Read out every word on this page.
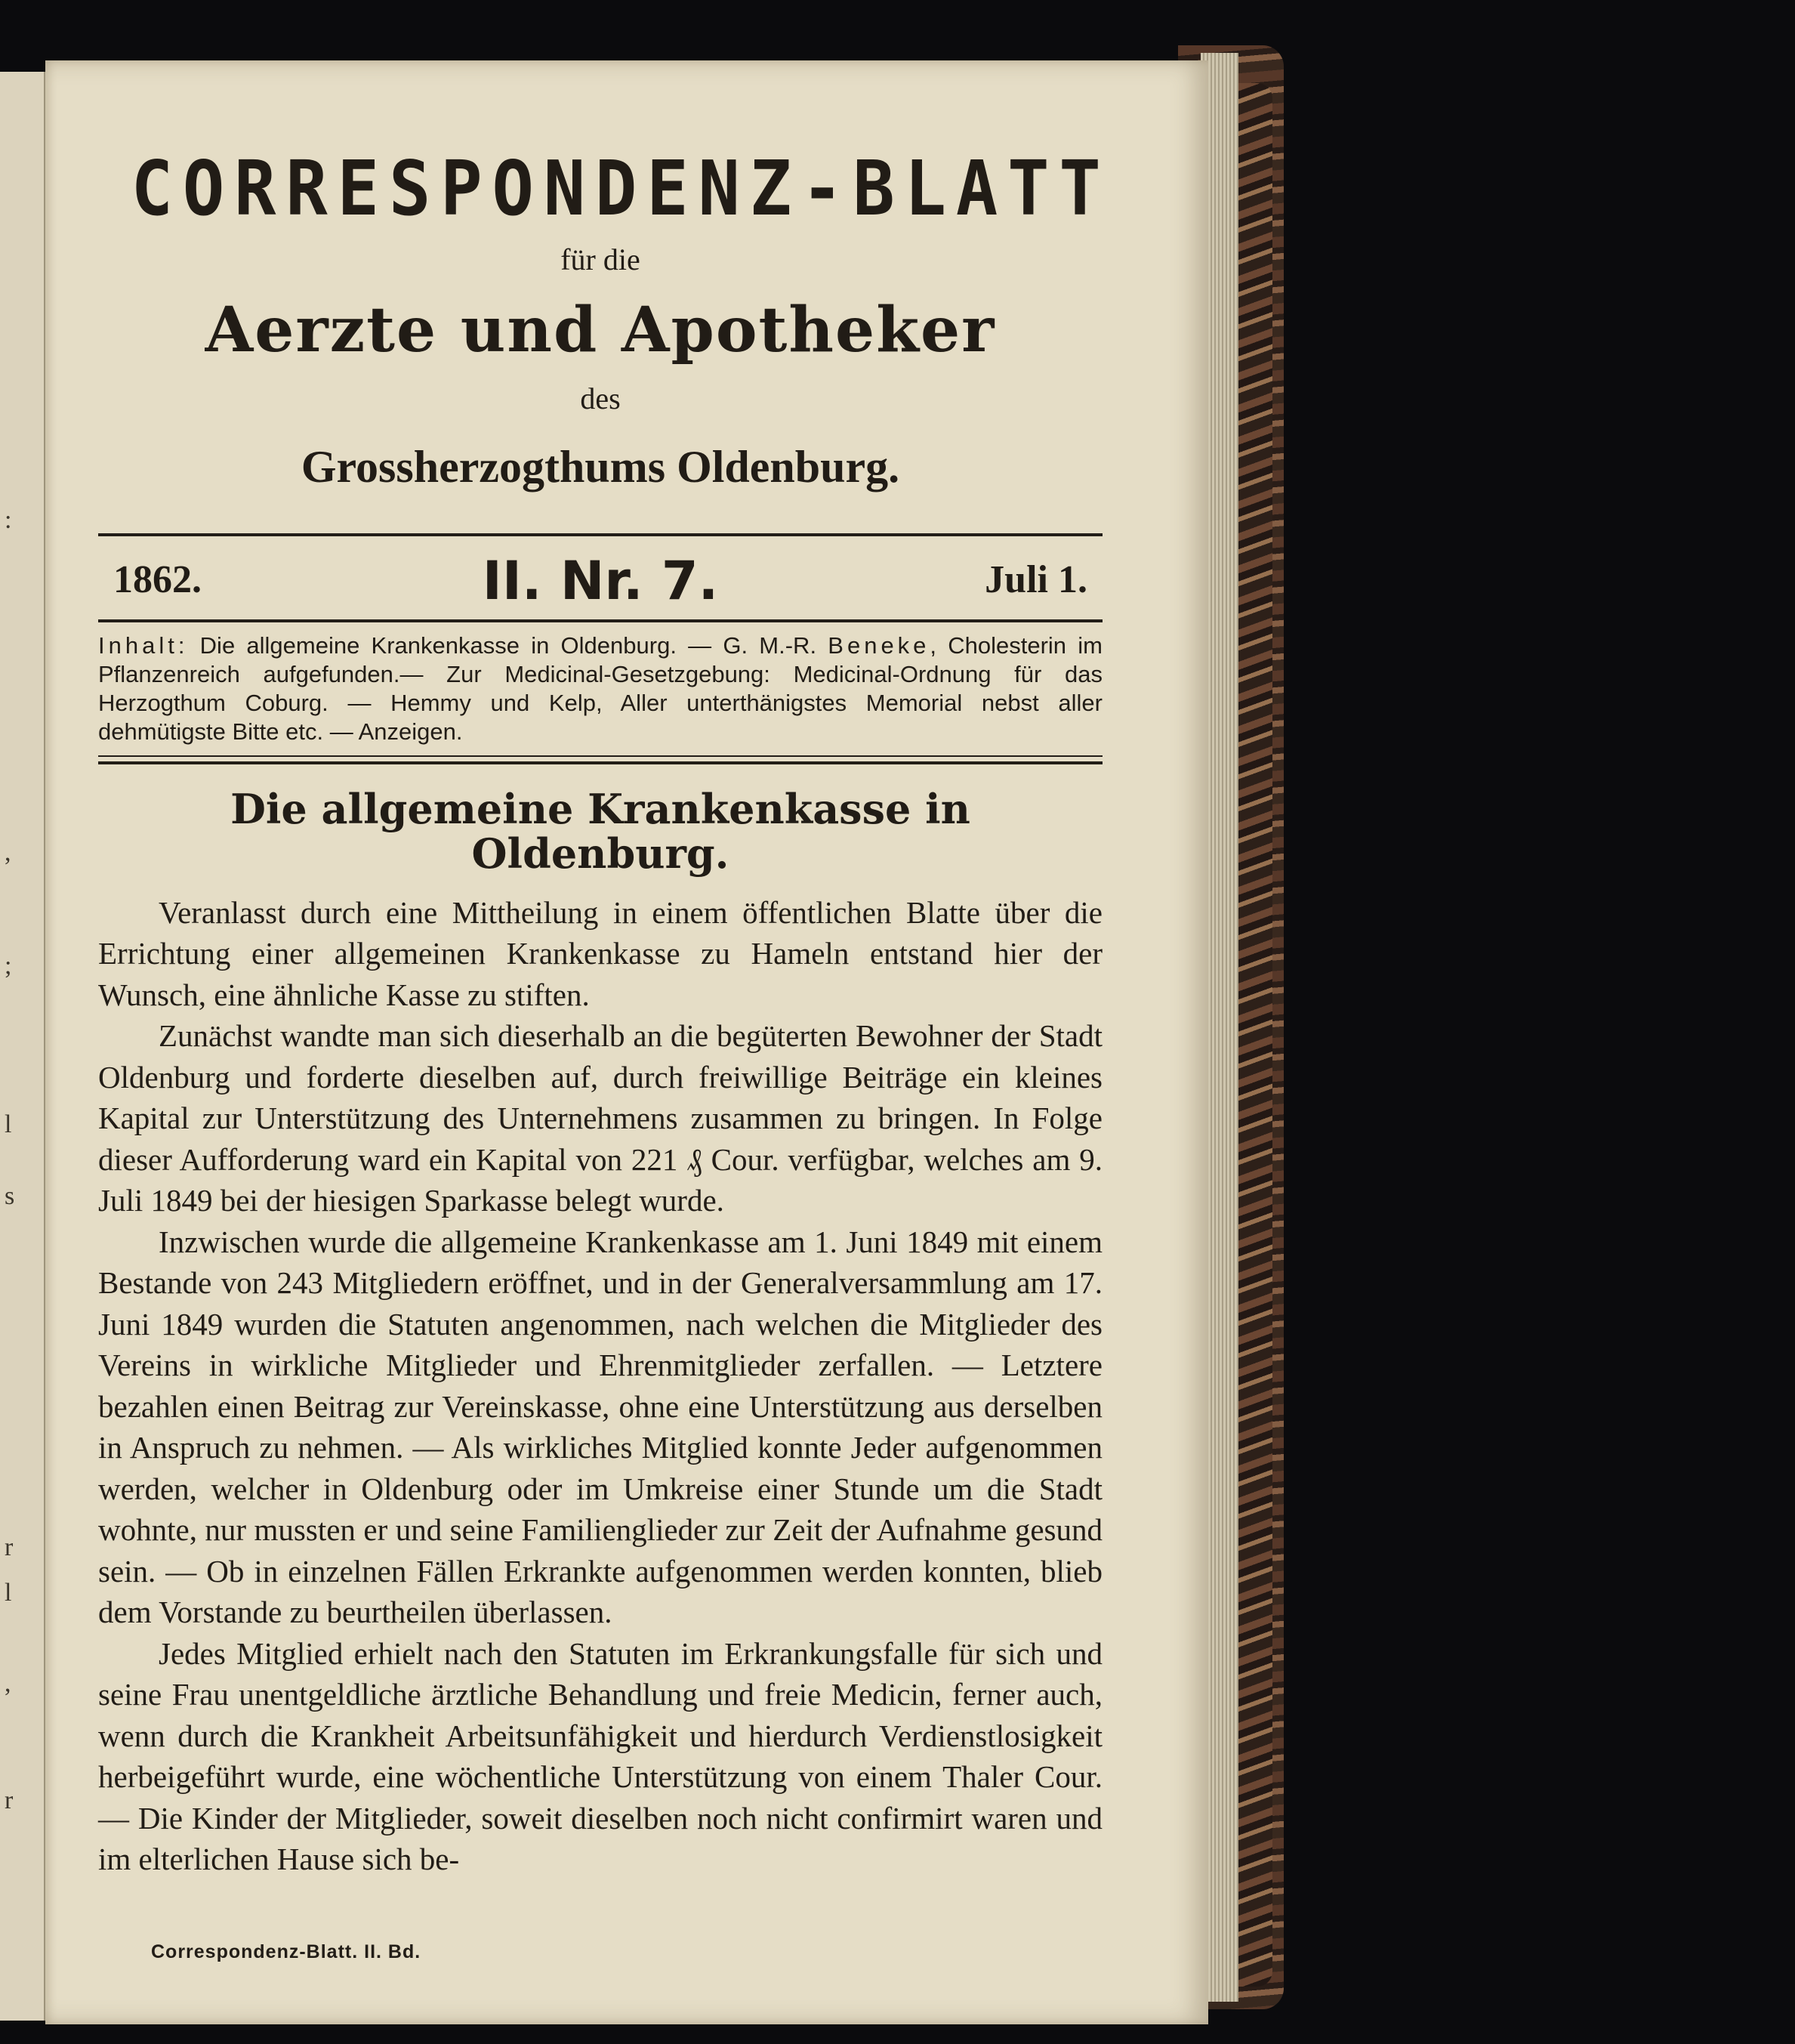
:
,
;
l
s
r
l
,
r
CORRESPONDENZ-BLATT
für die
Aerzte und Apotheker
des
Grossherzogthums Oldenburg.
1862.	II. Nr. 7.	Juli 1.
Inhalt: Die allgemeine Krankenkasse in Oldenburg. — G. M.-R. Beneke, Cholesterin im Pflanzenreich aufgefunden.— Zur Medicinal-Gesetzgebung: Medicinal-Ordnung für das Herzogthum Coburg. — Hemmy und Kelp, Aller unterthänigstes Memorial nebst aller dehmütigste Bitte etc. — Anzeigen.
Die allgemeine Krankenkasse in Oldenburg.

Veranlasst durch eine Mittheilung in einem öffentlichen Blatte über die Errichtung einer allgemeinen Krankenkasse zu Hameln entstand hier der Wunsch, eine ähnliche Kasse zu stiften.

Zunächst wandte man sich dieserhalb an die begüterten Bewohner der Stadt Oldenburg und forderte dieselben auf, durch freiwillige Beiträge ein kleines Kapital zur Unterstützung des Unternehmens zusammen zu bringen. In Folge dieser Aufforderung ward ein Kapital von 221 ₰ Cour. verfügbar, welches am 9. Juli 1849 bei der hiesigen Sparkasse belegt wurde.

Inzwischen wurde die allgemeine Krankenkasse am 1. Juni 1849 mit einem Bestande von 243 Mitgliedern eröffnet, und in der Generalversammlung am 17. Juni 1849 wurden die Statuten angenommen, nach welchen die Mitglieder des Vereins in wirkliche Mitglieder und Ehrenmitglieder zerfallen. — Letztere bezahlen einen Beitrag zur Vereinskasse, ohne eine Unterstützung aus derselben in Anspruch zu nehmen. — Als wirkliches Mitglied konnte Jeder aufgenommen werden, welcher in Oldenburg oder im Umkreise einer Stunde um die Stadt wohnte, nur mussten er und seine Familienglieder zur Zeit der Aufnahme gesund sein. — Ob in einzelnen Fällen Erkrankte aufgenommen werden konnten, blieb dem Vorstande zu beurtheilen überlassen.

Jedes Mitglied erhielt nach den Statuten im Erkrankungsfalle für sich und seine Frau unentgeldliche ärztliche Behandlung und freie Medicin, ferner auch, wenn durch die Krankheit Arbeitsunfähigkeit und hierdurch Verdienstlosigkeit herbeigeführt wurde, eine wöchentliche Unterstützung von einem Thaler Cour. — Die Kinder der Mitglieder, soweit dieselben noch nicht confirmirt waren und im elterlichen Hause sich be-

Correspondenz-Blatt. II. Bd.
